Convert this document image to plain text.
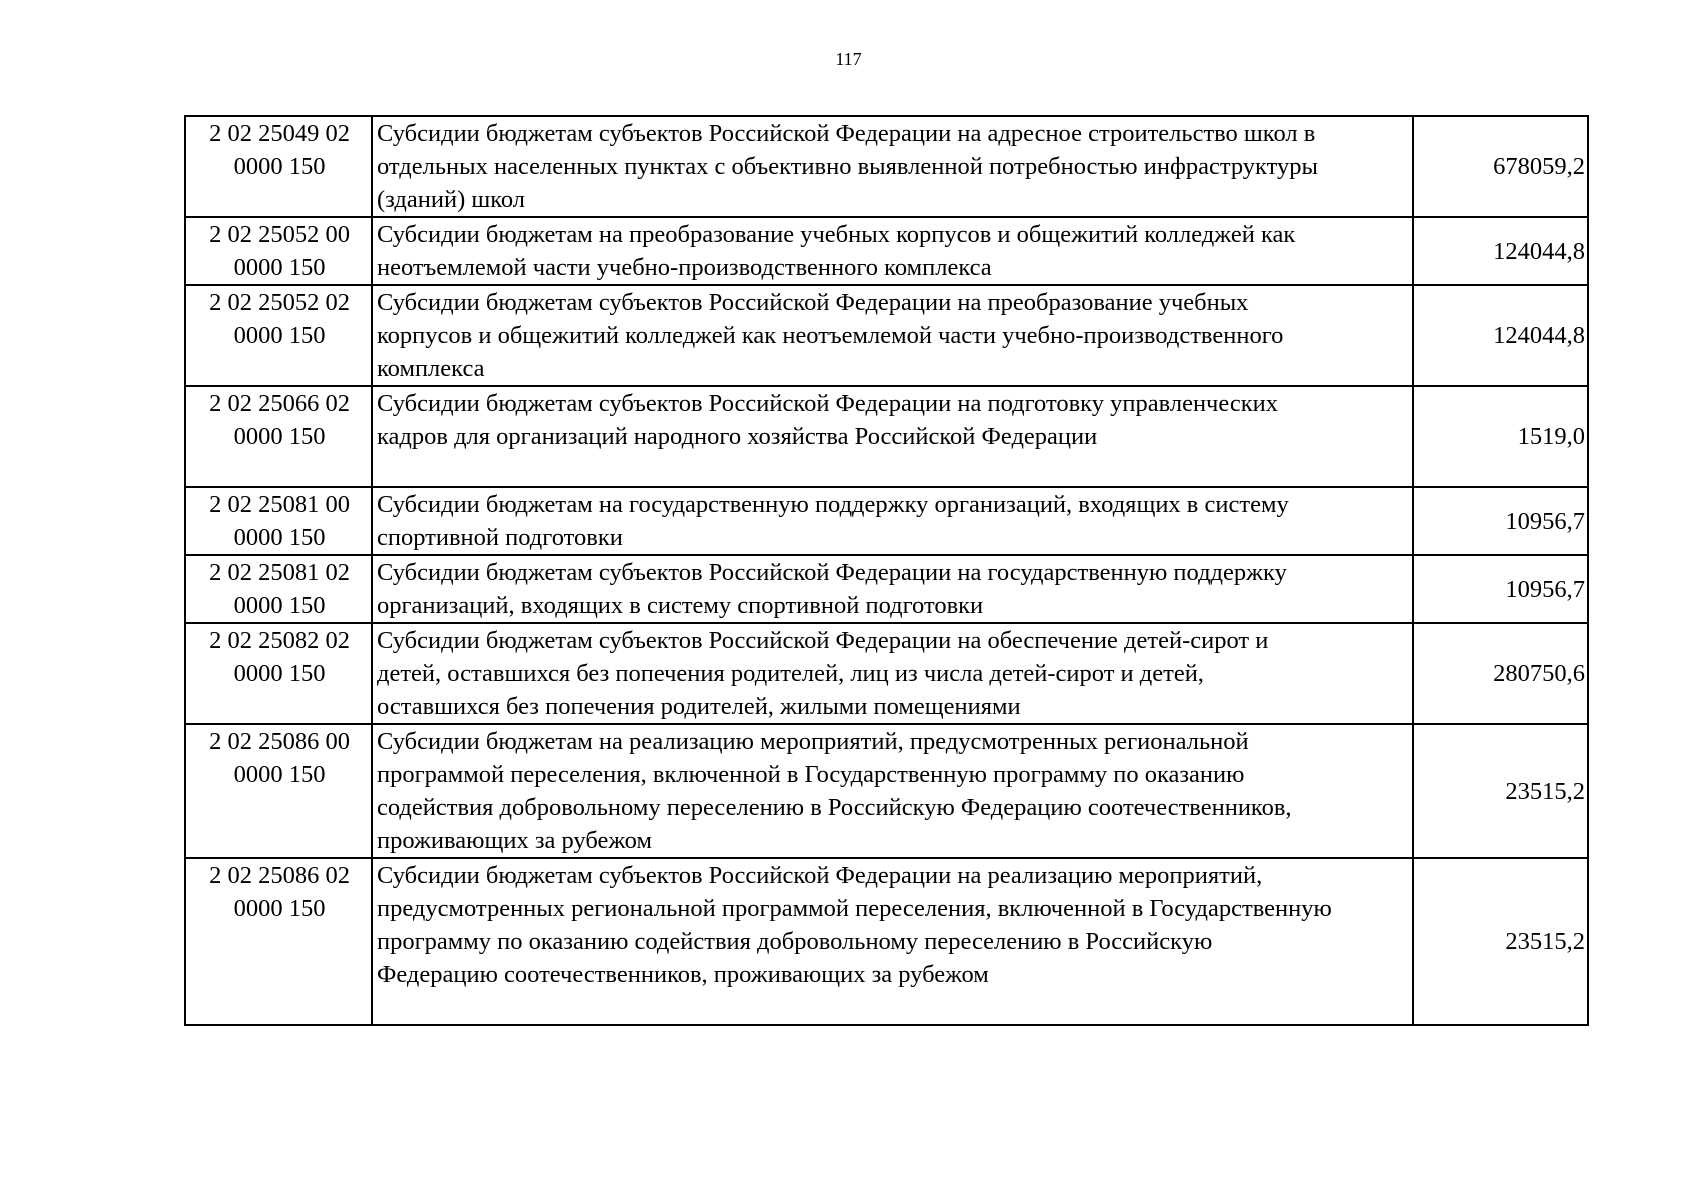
117
2 02 25049 02
0000 150	Субсидии бюджетам субъектов Российской Федерации на адресное строительство школ в
отдельных населенных пунктах с объективно выявленной потребностью инфраструктуры
(зданий) школ	678059,2

2 02 25052 00
0000 150	Субсидии бюджетам на преобразование учебных корпусов и общежитий колледжей как
неотъемлемой части учебно-производственного комплекса	124044,8

2 02 25052 02
0000 150	Субсидии бюджетам субъектов Российской Федерации на преобразование учебных
корпусов и общежитий колледжей как неотъемлемой части учебно-производственного
комплекса	124044,8

2 02 25066 02
0000 150	Субсидии бюджетам субъектов Российской Федерации на подготовку управленческих
кадров для организаций народного хозяйства Российской Федерации	1519,0

2 02 25081 00
0000 150	Субсидии бюджетам на государственную поддержку организаций, входящих в систему
спортивной подготовки	10956,7

2 02 25081 02
0000 150	Субсидии бюджетам субъектов Российской Федерации на государственную поддержку
организаций, входящих в систему спортивной подготовки	10956,7

2 02 25082 02
0000 150	Субсидии бюджетам субъектов Российской Федерации на обеспечение детей-сирот и
детей, оставшихся без попечения родителей, лиц из числа детей-сирот и детей,
оставшихся без попечения родителей, жилыми помещениями	280750,6

2 02 25086 00
0000 150	Субсидии бюджетам на реализацию мероприятий, предусмотренных региональной
программой переселения, включенной в Государственную программу по оказанию
содействия добровольному переселению в Российскую Федерацию соотечественников,
проживающих за рубежом	23515,2

2 02 25086 02
0000 150	Субсидии бюджетам субъектов Российской Федерации на реализацию мероприятий,
предусмотренных региональной программой переселения, включенной в Государственную
программу по оказанию содействия добровольному переселению в Российскую
Федерацию соотечественников, проживающих за рубежом	23515,2
